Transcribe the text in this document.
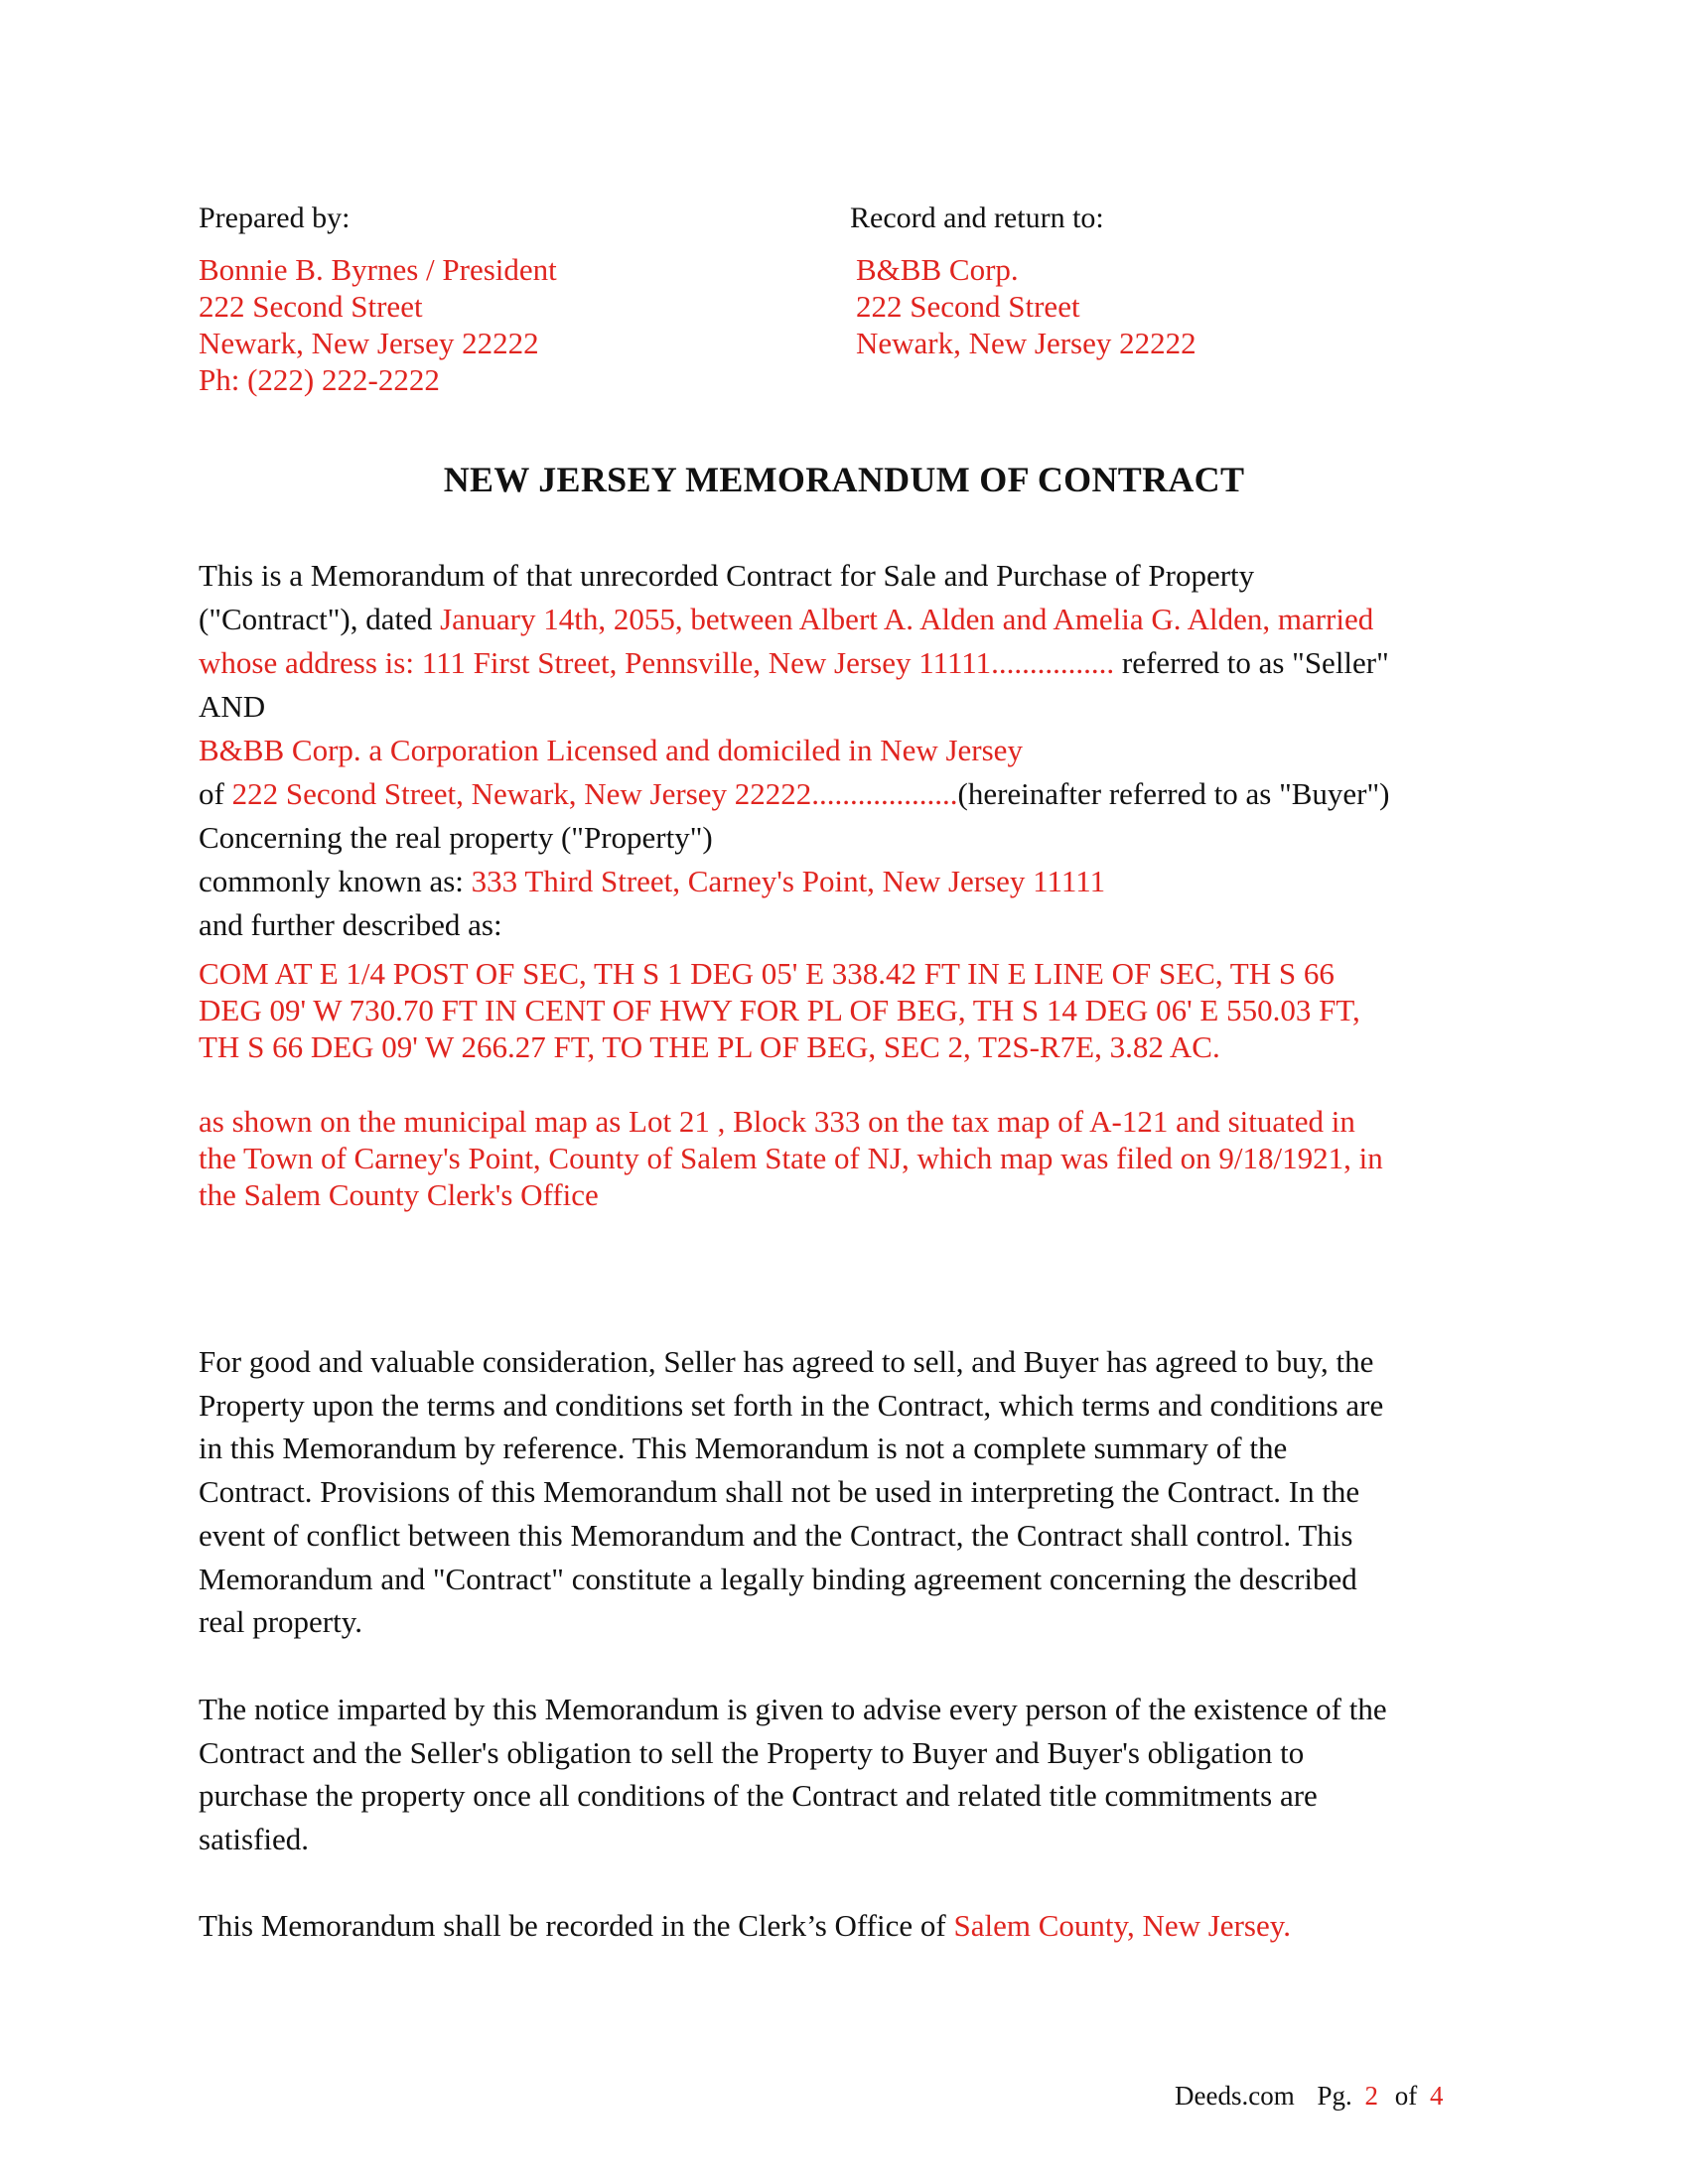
Prepared by:	Record and return to:
Bonnie B. Byrnes / President
222 Second Street
Newark, New Jersey 22222
Ph: (222) 222-2222
B&BB Corp.
222 Second Street
Newark, New Jersey 22222
NEW JERSEY MEMORANDUM OF CONTRACT
This is a Memorandum of that unrecorded Contract for Sale and Purchase of Property
("Contract"), dated January 14th, 2055, between Albert A. Alden and Amelia G. Alden, married
whose address is: 111 First Street, Pennsville, New Jersey 11111................ referred to as "Seller"
AND
B&BB Corp. a Corporation Licensed and domiciled in New Jersey
of 222 Second Street, Newark, New Jersey 22222...................(hereinafter referred to as "Buyer")
Concerning the real property ("Property")
commonly known as: 333 Third Street, Carney's Point, New Jersey 11111
and further described as:
COM AT E 1/4 POST OF SEC, TH S 1 DEG 05' E 338.42 FT IN E LINE OF SEC, TH S 66
DEG 09' W 730.70 FT IN CENT OF HWY FOR PL OF BEG, TH S 14 DEG 06' E 550.03 FT,
TH S 66 DEG 09' W 266.27 FT, TO THE PL OF BEG, SEC 2, T2S-R7E, 3.82 AC.
as shown on the municipal map as Lot 21 , Block 333 on the tax map of A-121 and situated in
the Town of Carney's Point, County of Salem State of NJ, which map was filed on 9/18/1921, in
the Salem County Clerk's Office
For good and valuable consideration, Seller has agreed to sell, and Buyer has agreed to buy, the
Property upon the terms and conditions set forth in the Contract, which terms and conditions are
in this Memorandum by reference. This Memorandum is not a complete summary of the
Contract. Provisions of this Memorandum shall not be used in interpreting the Contract. In the
event of conflict between this Memorandum and the Contract, the Contract shall control. This
Memorandum and "Contract" constitute a legally binding agreement concerning the described
real property.
The notice imparted by this Memorandum is given to advise every person of the existence of the
Contract and the Seller's obligation to sell the Property to Buyer and Buyer's obligation to
purchase the property once all conditions of the Contract and related title commitments are
satisfied.
This Memorandum shall be recorded in the Clerk’s Office of Salem County, New Jersey.
Deeds.com Pg. 2 of 4
